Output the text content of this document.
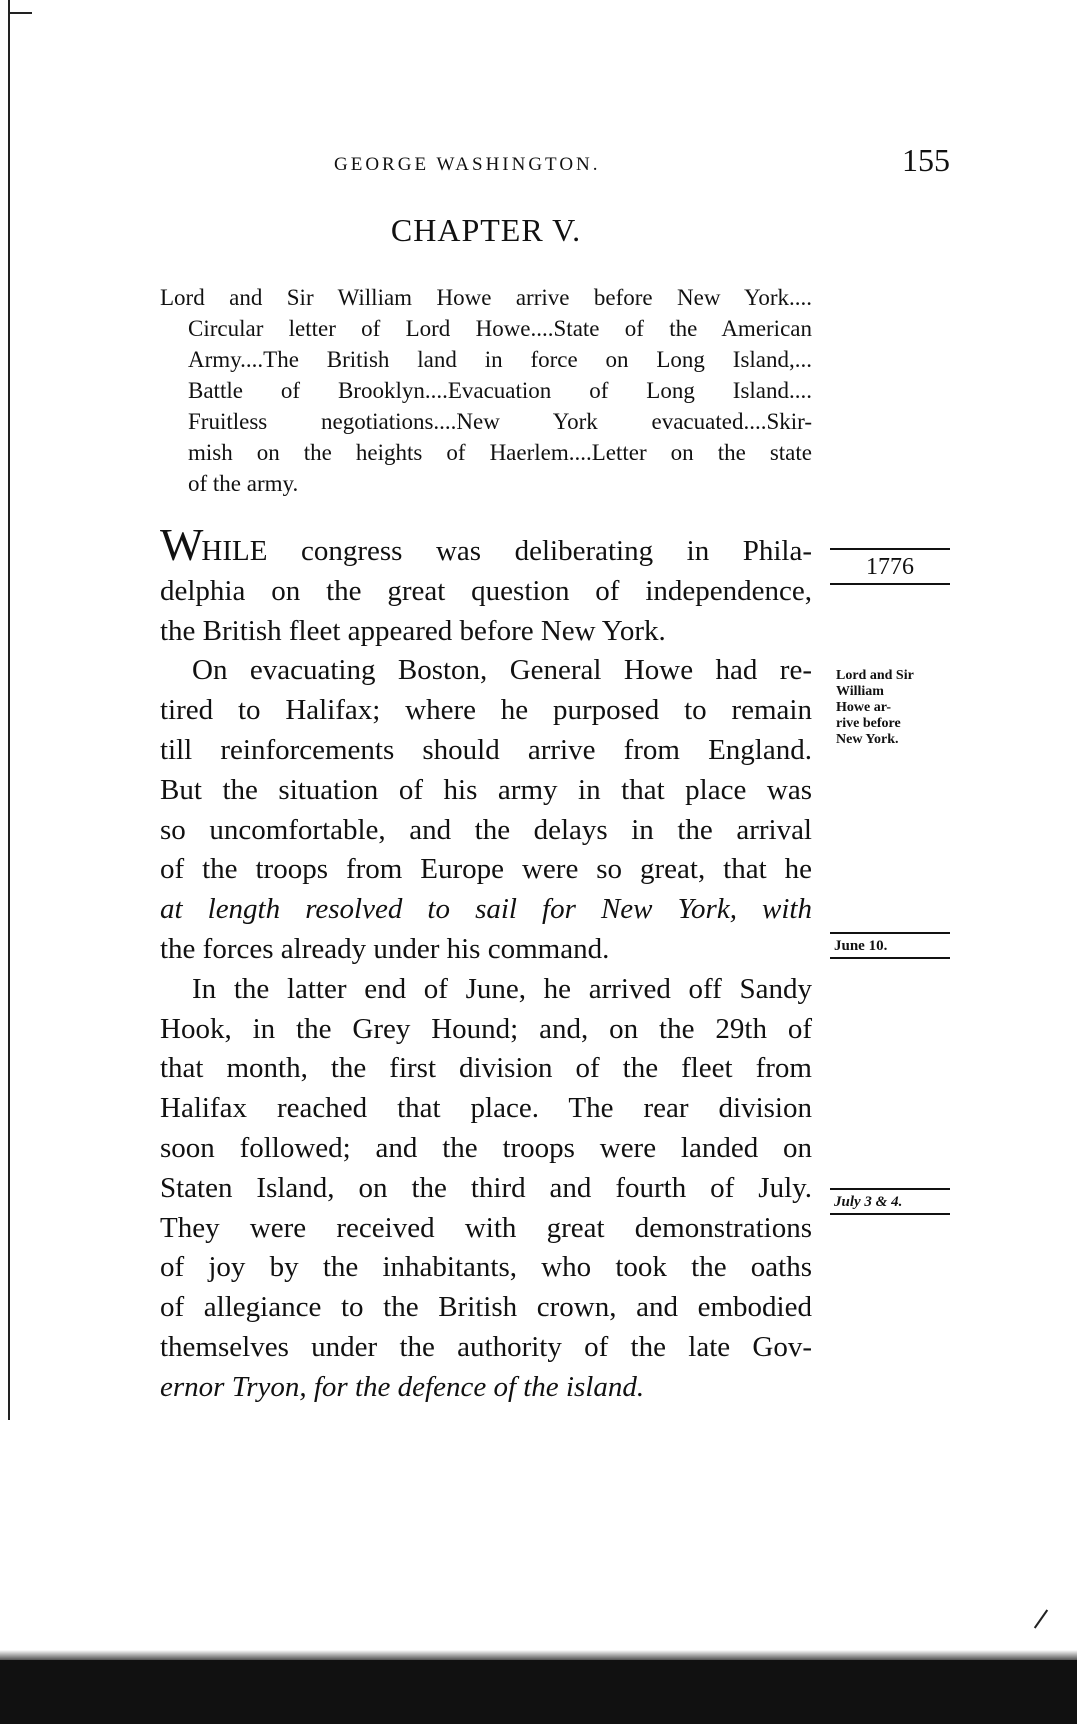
GEORGE WASHINGTON.	155
CHAPTER V.
Lord and Sir William Howe arrive before New York....
Circular letter of Lord Howe....State of the American
Army....The British land in force on Long Island,...
Battle of Brooklyn....Evacuation of Long Island....
Fruitless negotiations....New York evacuated....Skir-
mish on the heights of Haerlem....Letter on the state
of the army.
WHILE congress was deliberating in Phila-
delphia on the great question of independence,
the British fleet appeared before New York.
On evacuating Boston, General Howe had re-
tired to Halifax; where he purposed to remain
till reinforcements should arrive from England.
But the situation of his army in that place was
so uncomfortable, and the delays in the arrival
of the troops from Europe were so great, that he
at length resolved to sail for New York, with
the forces already under his command.
In the latter end of June, he arrived off Sandy
Hook, in the Grey Hound; and, on the 29th of
that month, the first division of the fleet from
Halifax reached that place. The rear division
soon followed; and the troops were landed on
Staten Island, on the third and fourth of July.
They were received with great demonstrations
of joy by the inhabitants, who took the oaths
of allegiance to the British crown, and embodied
themselves under the authority of the late Gov-
ernor Tryon, for the defence of the island.
1776
Lord and Sir
William
Howe ar-
rive before
New York.
June 10.
July 3 & 4.
